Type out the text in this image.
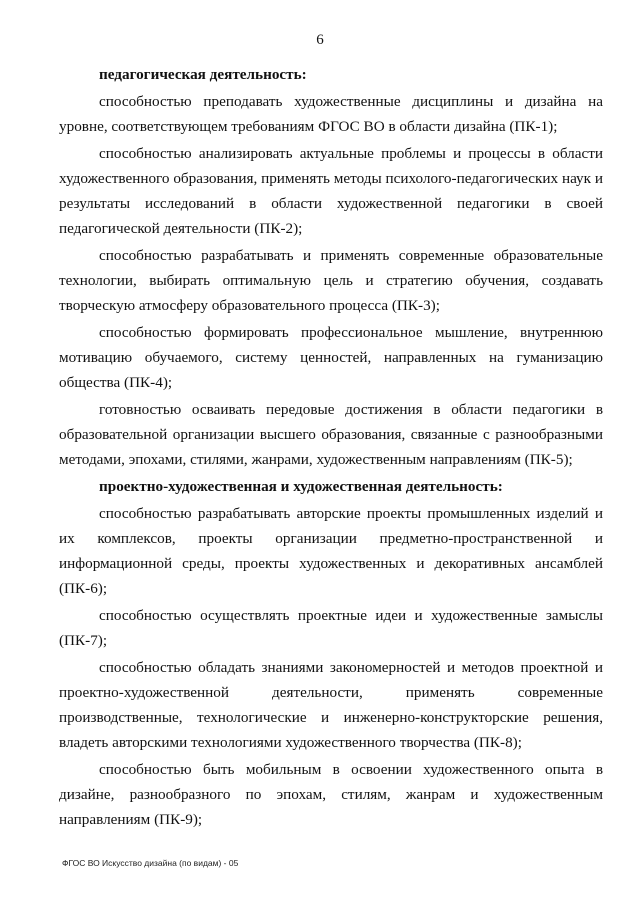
6

педагогическая деятельность:

способностью преподавать художественные дисциплины и дизайна на уровне, соответствующем требованиям ФГОС ВО в области дизайна (ПК-1);

способностью анализировать актуальные проблемы и процессы в области художественного образования, применять методы психолого-педагогических наук и результаты исследований в области художественной педагогики в своей педагогической деятельности (ПК-2);

способностью разрабатывать и применять современные образовательные технологии, выбирать оптимальную цель и стратегию обучения, создавать творческую атмосферу образовательного процесса (ПК-3);

способностью формировать профессиональное мышление, внутреннюю мотивацию обучаемого, систему ценностей, направленных на гуманизацию общества (ПК-4);

готовностью осваивать передовые достижения в области педагогики в образовательной организации высшего образования, связанные с разнообразными методами, эпохами, стилями, жанрами, художественным направлениям (ПК-5);

проектно-художественная и художественная деятельность:

способностью разрабатывать авторские проекты промышленных изделий и их комплексов, проекты организации предметно-пространственной и информационной среды, проекты художественных и декоративных ансамблей (ПК-6);

способностью осуществлять проектные идеи и художественные замыслы (ПК-7);

способностью обладать знаниями закономерностей и методов проектной и проектно-художественной деятельности, применять современные производственные, технологические и инженерно-конструкторские решения, владеть авторскими технологиями художественного творчества (ПК-8);

способностью быть мобильным в освоении художественного опыта в дизайне, разнообразного по эпохам, стилям, жанрам и художественным направлениям (ПК-9);

ФГОС ВО Искусство дизайна (по видам) - 05
